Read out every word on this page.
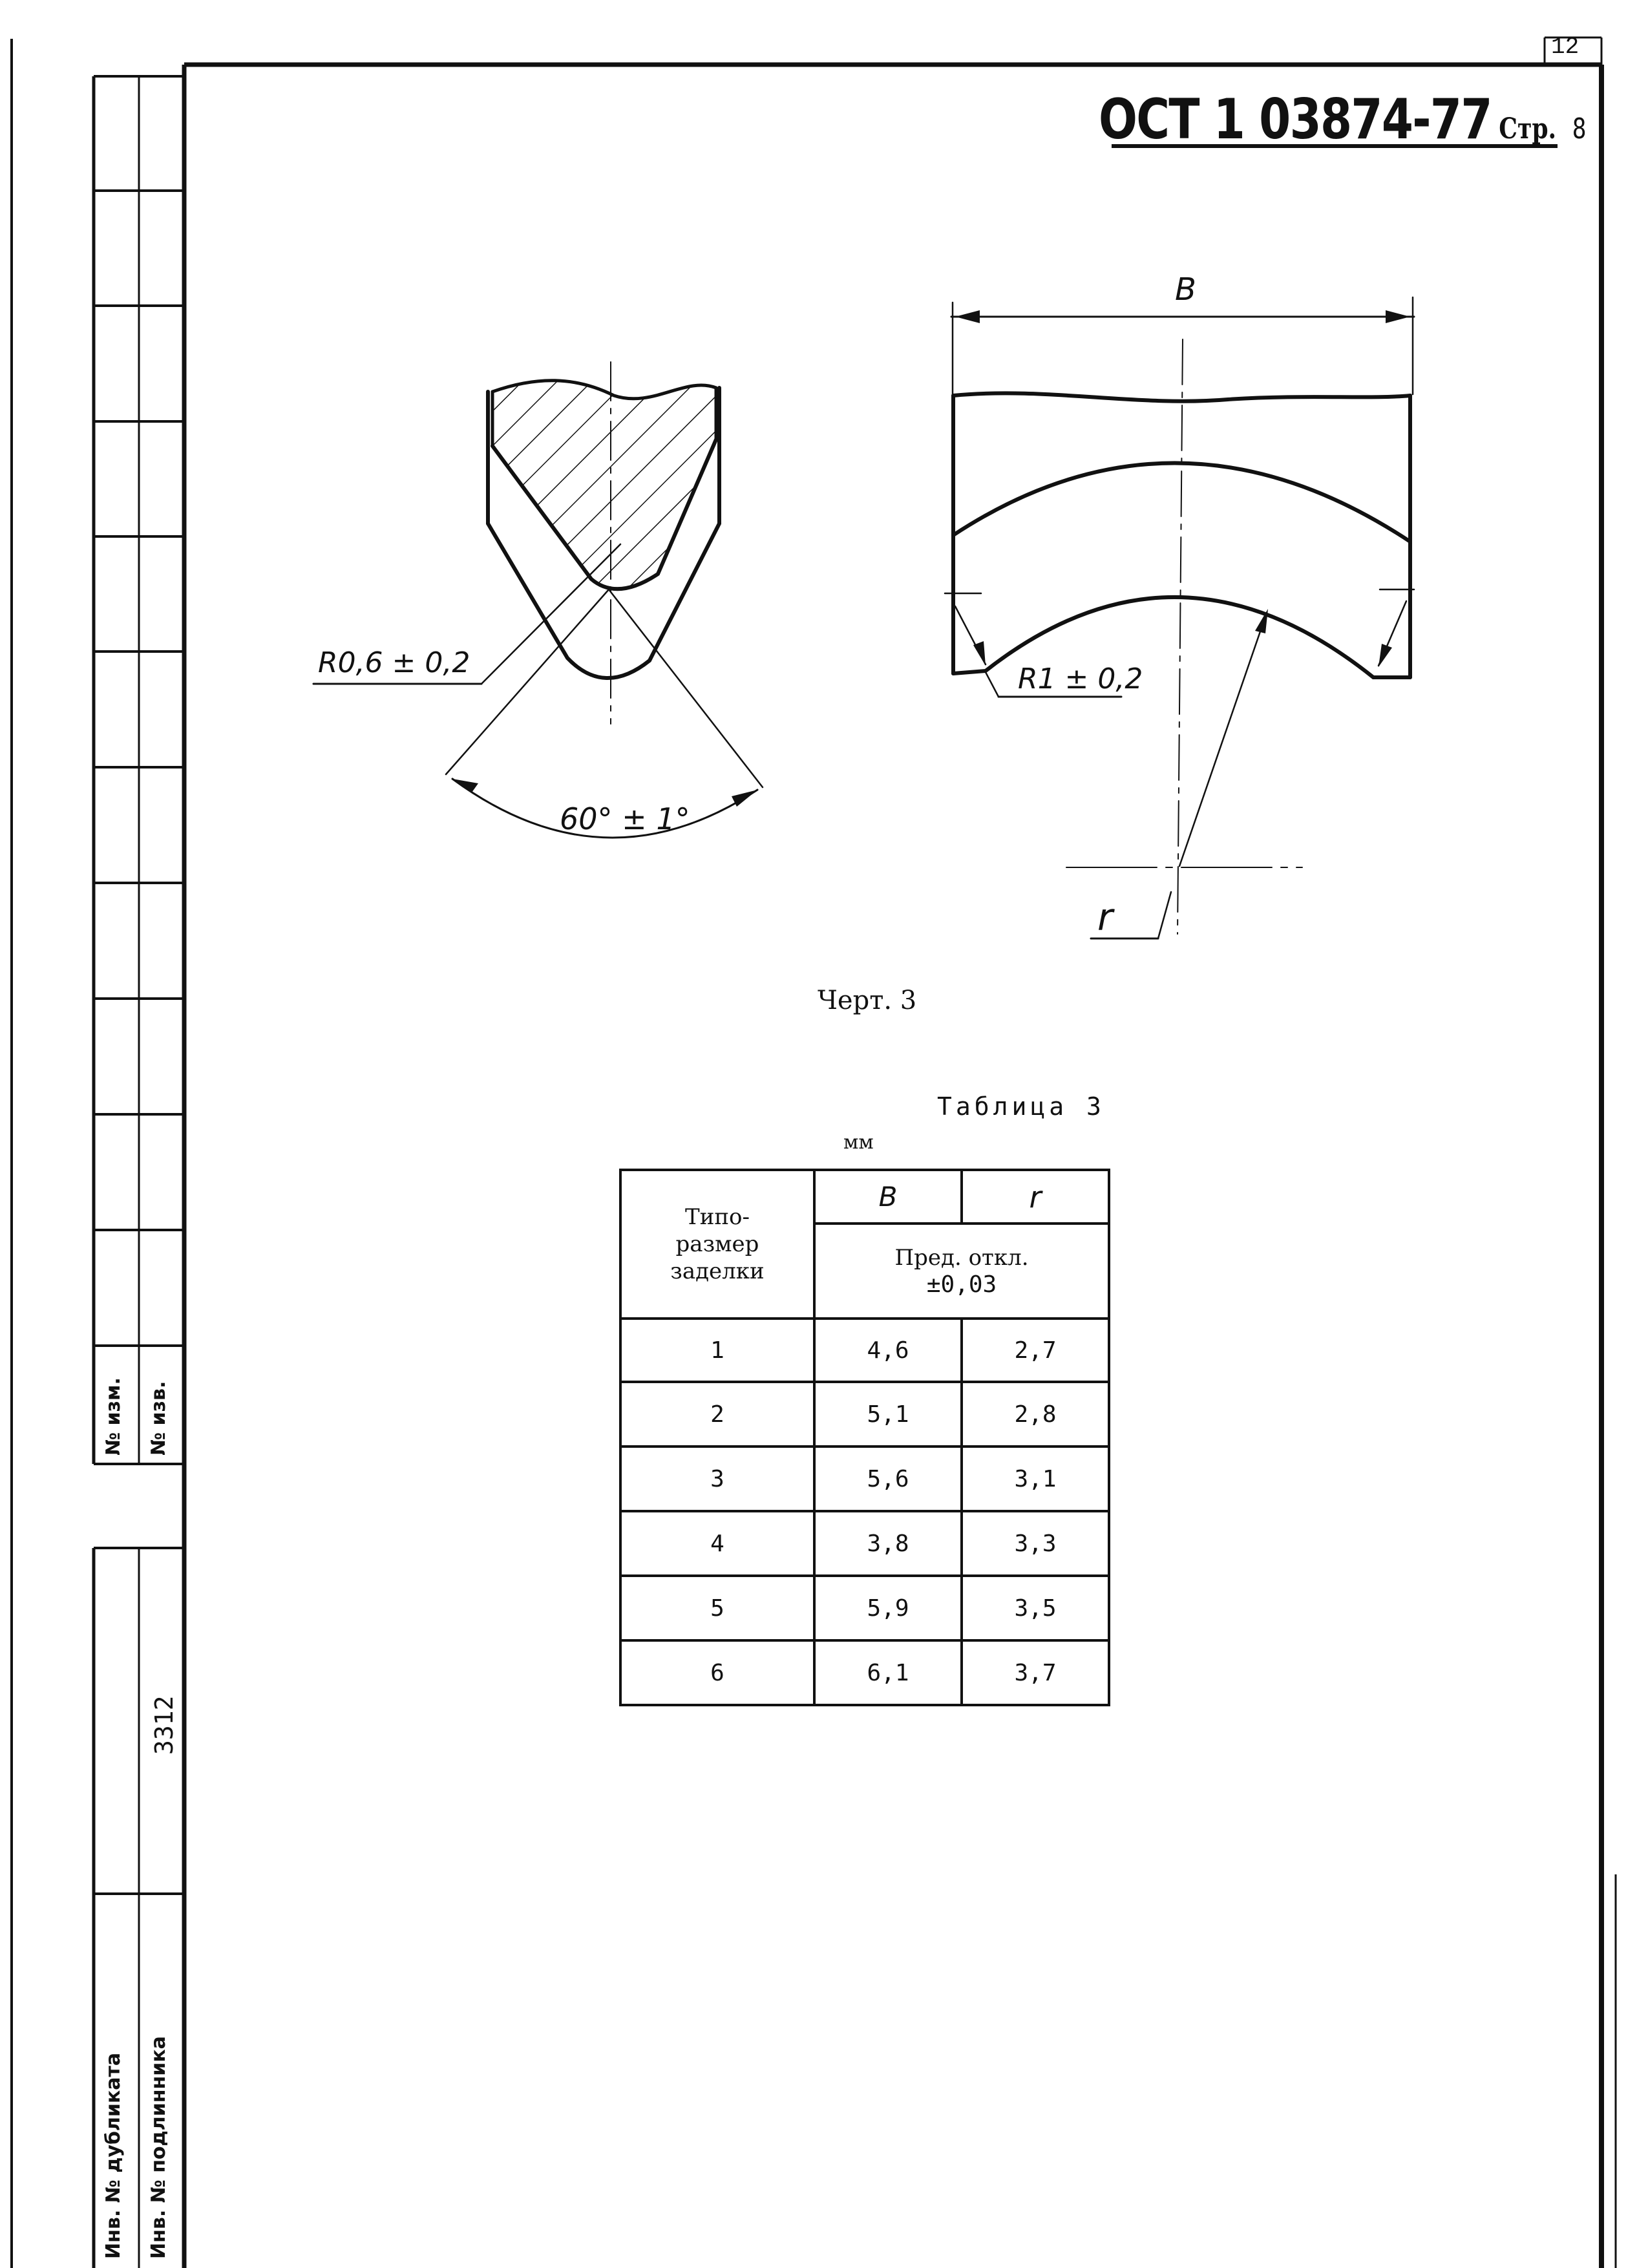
№ изм. № изв.
Инв. № дубликата Инв. № подлинника
3312
12
ОСТ 1 03874-77 Стр. 8
R0,6 ± 0,2
60° ± 1°
B
R1 ± 0,2
r
Черт. 3
Таблица 3
мм
Типо-
размер
заделки	B	r

	Пред. откл.
±0,03	

1	4,6	2,7
2	5,1	2,8
3	5,6	3,1
4	3,8	3,3
5	5,9	3,5
6	6,1	3,7
